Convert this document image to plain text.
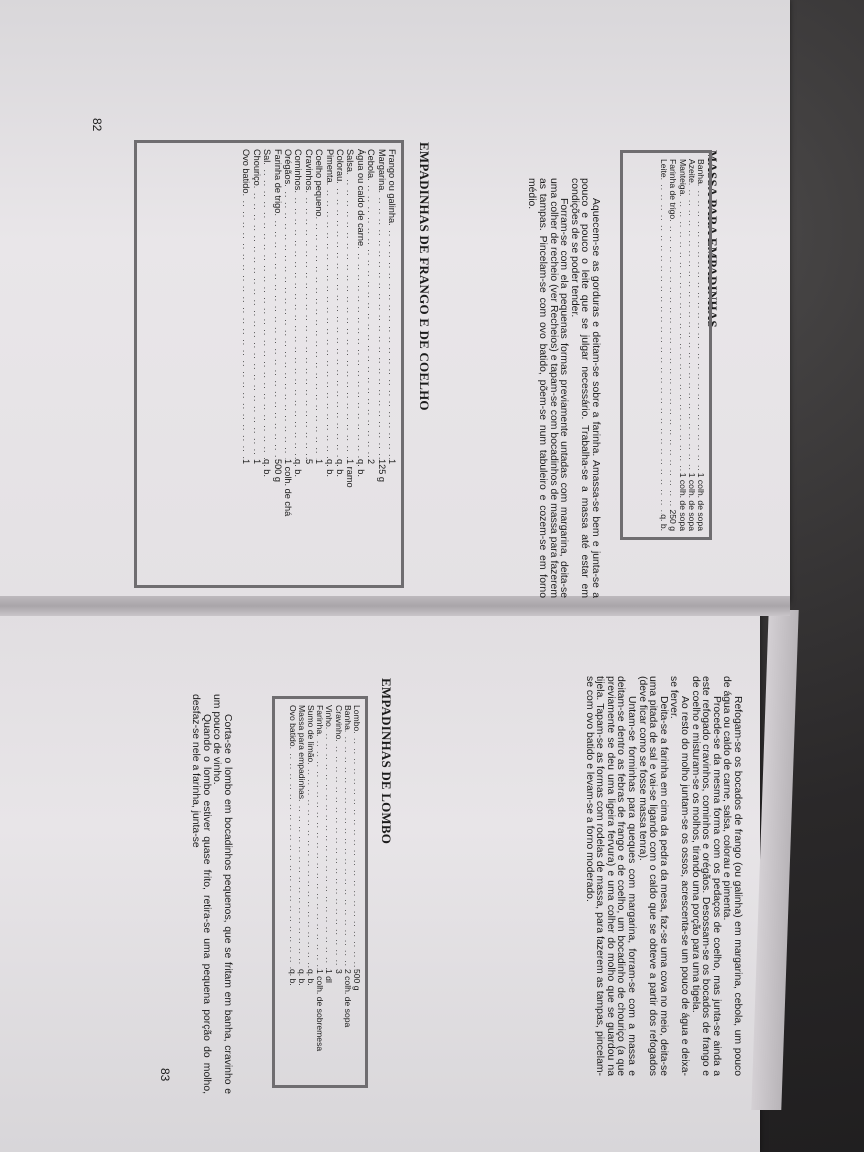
82

MASSA PARA EMPADINHAS

Banha
. ..
1 colh. de sopa
Azeite
. ..
1 colh. de sopa
Manteiga
. ..
1 colh. de sopa
Farinha de trigo
. ..
250 g
Leite
. ..
q. b.

Aquecem-se as gorduras e deitam-se sobre a farinha. Amassa-se bem e junta-se a pouco e pouco o leite que se julgar necessário. Trabalha-se a massa até estar em condições de se poder tender.

Forram-se com ela pequenas formas previamente untadas com margarina, deita-se uma colher de recheio (ver Recheios) e tapam-se com bocadinhos de massa para fazerem as tampas. Pincelam-se com ovo batido, põem-se num tabuleiro e cozem-se em forno médio.

EMPADINHAS DE FRANGO E DE COELHO

Frango ou galinha
. ..
1
Margarina
. ..
125 g
Cebola
. ..
2
Água ou caldo de carne
. ..
q. b.
Salsa
. ..
1 ramo
Colorau
. ..
q. b.
Pimenta
. ..
q. b.
Coelho pequeno
. ..
1
Cravinhos
. ..
5
Cominhos
. ..
q. b.
Orégãos
. ..
1 colh. de chá
Farinha de trigo
. ..
500 g
Sal
. ..
q. b.
Chouriço
. ..
1
Ovo batido
. ..
1

Refogam-se os bocados de frango (ou galinha) em margarina, cebola, um pouco de água ou caldo de carne, salsa, colorau e pimenta.

Procede-se da mesma forma com os pedaços de coelho, mas junta-se ainda a este refogado cravinhos, cominhos e orégãos. Desossam-se os bocados de frango e de coelho e misturam-se os molhos, tirando uma porção para uma tigela.

Ao resto do molho juntam-se os ossos, acrescenta-se um pouco de água e deixa-se ferver.

Deita-se a farinha em cima da pedra da mesa, faz-se uma cova no meio, deita-se uma pitada de sal e vai-se ligando com o caldo que se obteve a partir dos refogados (deve ficar como se fosse massa tenra).

Untam-se forminhas para queques com margarina, forram-se com a massa e deitam-se dentro as febras de frango e de coelho, um bocadinho de chouriço (a que previamente se deu uma ligeira fervura) e uma colher do molho que se guardou na tijela. Tapam-se as formas com rodelas de massa, para fazerem as tampas, pincelam-se com ovo batido e levam-se a forno moderado.

EMPADINHAS DE LOMBO

Lombo
. ..
500 g
Banha
. ..
2 colh. de sopa
Cravinho
. ..
3
Vinho
. ..
1 dl
Farinha
. ..
1 colh. de sobremesa
Sumo de limão
. ..
q. b.
Massa para empadinhas
. ..
q. b.
Ovo batido
. ..
q. b.

Corta-se o lombo em bocadinhos pequenos, que se fritam em banha, cravinho e um pouco de vinho.

Quando o lombo estiver quase frito, retira-se uma pequena porção do molho, desfaz-se nele a farinha, junta-se

83
